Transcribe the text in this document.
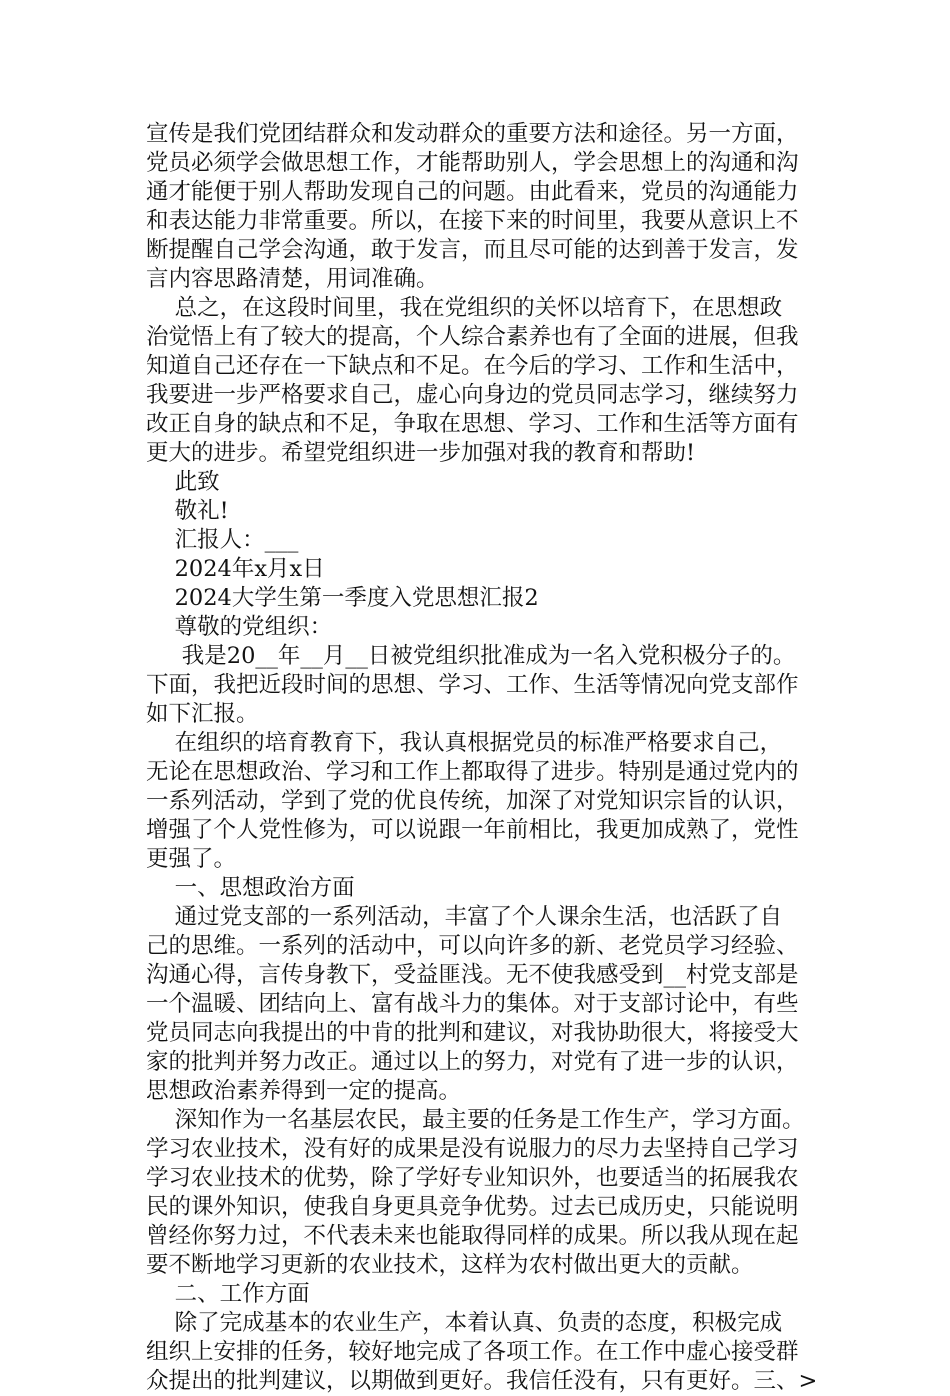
宣传是我们党团结群众和发动群众的重要方法和途径。另一方面，
党员必须学会做思想工作，才能帮助别人，学会思想上的沟通和沟
通才能便于别人帮助发现自己的问题。由此看来，党员的沟通能力
和表达能力非常重要。所以，在接下来的时间里，我要从意识上不
断提醒自己学会沟通，敢于发言，而且尽可能的达到善于发言，发
言内容思路清楚，用词准确。
总之，在这段时间里，我在党组织的关怀以培育下，在思想政
治觉悟上有了较大的提高，个人综合素养也有了全面的进展，但我
知道自己还存在一下缺点和不足。在今后的学习、工作和生活中，
我要进一步严格要求自己，虚心向身边的党员同志学习，继续努力
改正自身的缺点和不足，争取在思想、学习、工作和生活等方面有
更大的进步。希望党组织进一步加强对我的教育和帮助!
此致
敬礼!
汇报人：___
2024年x月x日
2024大学生第一季度入党思想汇报2
尊敬的党组织：
我是20__年__月__日被党组织批准成为一名入党积极分子的。
下面，我把近段时间的思想、学习、工作、生活等情况向党支部作
如下汇报。
在组织的培育教育下，我认真根据党员的标准严格要求自己，
无论在思想政治、学习和工作上都取得了进步。特别是通过党内的
一系列活动，学到了党的优良传统，加深了对党知识宗旨的认识，
增强了个人党性修为，可以说跟一年前相比，我更加成熟了，党性
更强了。
一、思想政治方面
通过党支部的一系列活动，丰富了个人课余生活，也活跃了自
己的思维。一系列的活动中，可以向许多的新、老党员学习经验、
沟通心得，言传身教下，受益匪浅。无不使我感受到__村党支部是
一个温暖、团结向上、富有战斗力的集体。对于支部讨论中，有些
党员同志向我提出的中肯的批判和建议，对我协助很大，将接受大
家的批判并努力改正。通过以上的努力，对党有了进一步的认识，
思想政治素养得到一定的提高。
深知作为一名基层农民，最主要的任务是工作生产，学习方面。
学习农业技术，没有好的成果是没有说服力的尽力去坚持自己学习
学习农业技术的优势，除了学好专业知识外，也要适当的拓展我农
民的课外知识，使我自身更具竞争优势。过去已成历史，只能说明
曾经你努力过，不代表未来也能取得同样的成果。所以我从现在起
要不断地学习更新的农业技术，这样为农村做出更大的贡献。
二、工作方面
除了完成基本的农业生产，本着认真、负责的态度，积极完成
组织上安排的任务，较好地完成了各项工作。在工作中虚心接受群
众提出的批判建议，以期做到更好。我信任没有，只有更好。三、>
